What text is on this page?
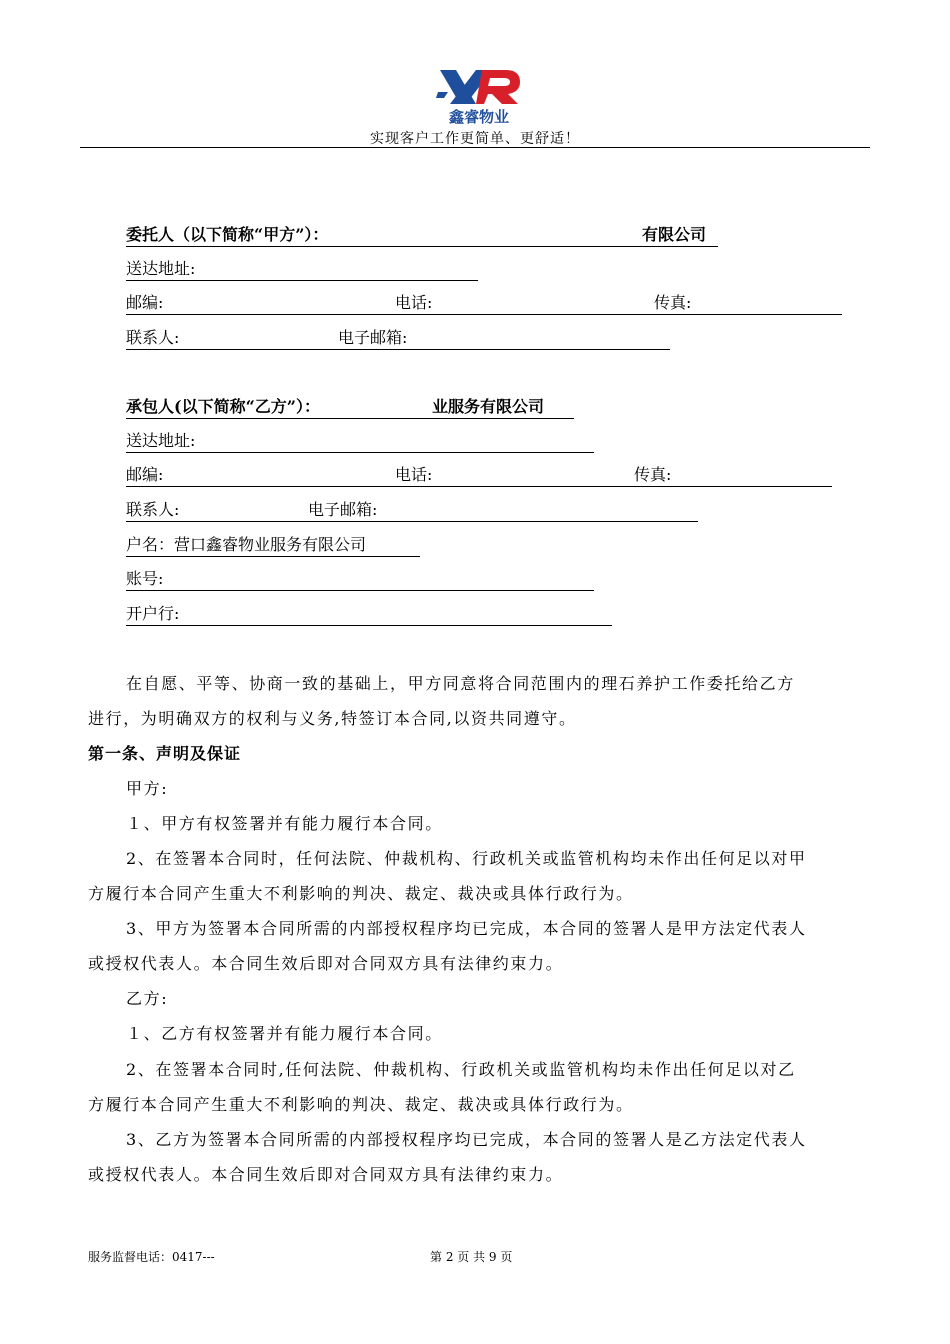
鑫睿物业
实现客户工作更简单、更舒适！
委托人（以下简称“甲方”）：	有限公司
送达地址:
邮编:	电话:	传真:
联系人:	电子邮箱:
承包人(以下简称“乙方”）：	业服务有限公司
送达地址:
邮编:	电话:	传真:
联系人:	电子邮箱:
户名：营口鑫睿物业服务有限公司
账号:
开户行:
在自愿、平等、协商一致的基础上，甲方同意将合同范围内的理石养护工作委托给乙方
进行，为明确双方的权利与义务,特签订本合同,以资共同遵守。
第一条、声明及保证
甲方:
１、甲方有权签署并有能力履行本合同。
2、在签署本合同时，任何法院、仲裁机构、行政机关或监管机构均未作出任何足以对甲
方履行本合同产生重大不利影响的判决、裁定、裁决或具体行政行为。
3、甲方为签署本合同所需的内部授权程序均已完成，本合同的签署人是甲方法定代表人
或授权代表人。本合同生效后即对合同双方具有法律约束力。
乙方:
１、乙方有权签署并有能力履行本合同。
2、在签署本合同时,任何法院、仲裁机构、行政机关或监管机构均未作出任何足以对乙
方履行本合同产生重大不利影响的判决、裁定、裁决或具体行政行为。
3、乙方为签署本合同所需的内部授权程序均已完成，本合同的签署人是乙方法定代表人
或授权代表人。本合同生效后即对合同双方具有法律约束力。
服务监督电话：0417---	第 2 页 共 9 页
